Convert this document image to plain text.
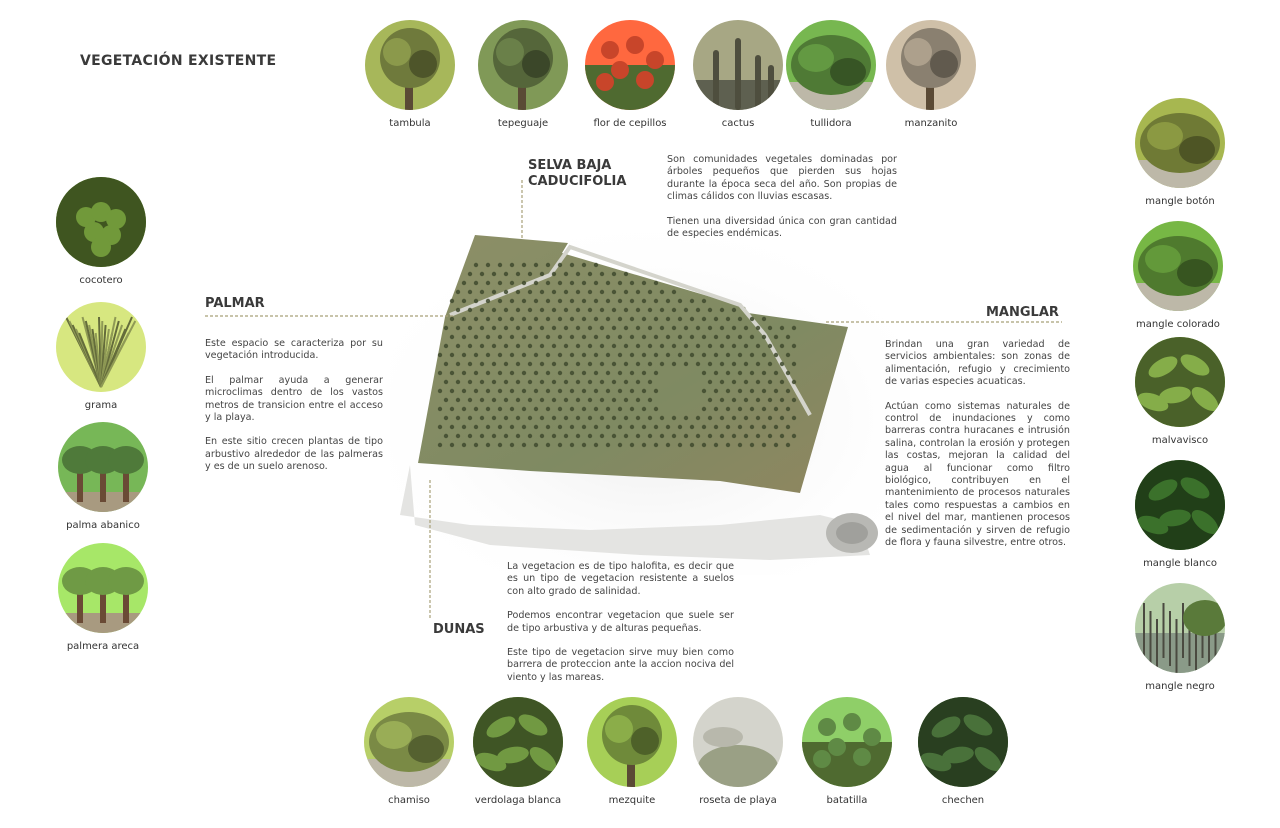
VEGETACIÓN EXISTENTE
tambula	tepeguaje	flor de cepillos	cactus	tullidora	manzanito
cocotero
grama
palma abanico
palmera areca
mangle botón
mangle colorado
malvavisco
mangle blanco
mangle negro
chamiso	verdolaga blanca	mezquite	roseta de playa	batatilla	chechen
SELVA BAJA
CADUCIFOLIA
PALMAR
MANGLAR
DUNAS

Son comunidades vegetales dominadas por árboles pequeños que pierden sus hojas durante la época seca del año. Son propias de climas cálidos con lluvias escasas.

Tienen una diversidad única con gran cantidad de especies endémicas.

Este espacio se caracteriza por su vegetación introducida.

El palmar ayuda a generar microclimas dentro de los vastos metros de transicion entre el acceso y la playa.

En este sitio crecen plantas de tipo arbustivo alrededor de las palmeras y es de un suelo arenoso.

Brindan una gran variedad de servicios ambientales: son zonas de alimentación, refugio y crecimiento de varias especies acuaticas.

Actúan como sistemas naturales de control de inundaciones y como barreras contra huracanes e intrusión salina, controlan la erosión y protegen las costas, mejoran la calidad del agua al funcionar como filtro biológico, contribuyen en el mantenimiento de procesos naturales tales como respuestas a cambios en el nivel del mar, mantienen procesos de sedimentación y sirven de refugio de flora y fauna silvestre, entre otros.

La vegetacion es de tipo halofita, es decir que es un tipo de vegetacion resistente a suelos con alto grado de salinidad.

Podemos encontrar vegetacion que suele ser de tipo arbustiva y de alturas pequeñas.

Este tipo de vegetacion sirve muy bien como barrera de proteccion ante la accion nociva del viento y las mareas.
